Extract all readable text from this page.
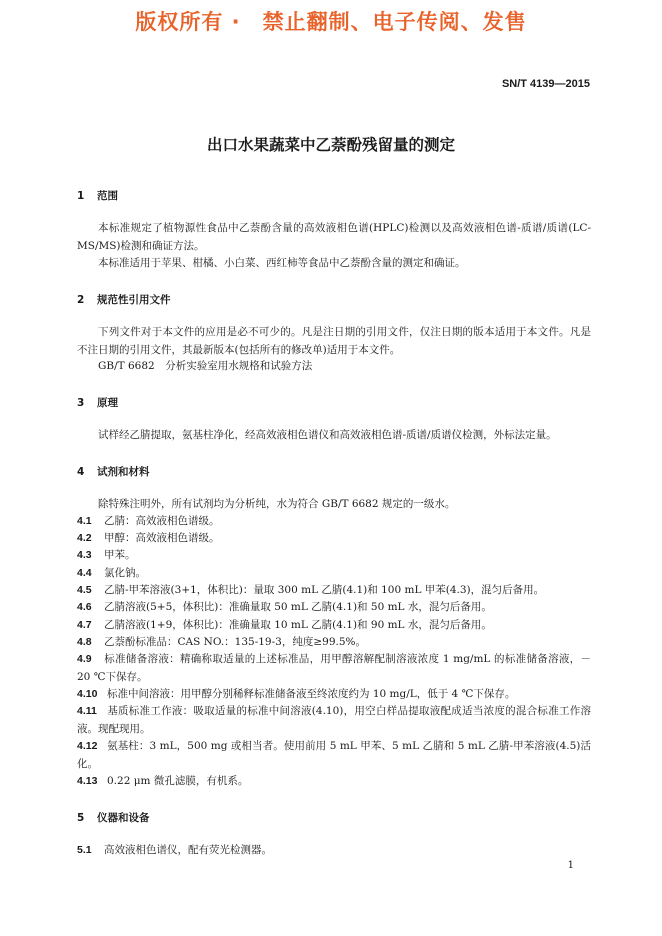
版权所有 ·　禁止翻制、电子传阅、发售
SN/T 4139—2015
出口水果蔬菜中乙萘酚残留量的测定
1 范围
本标准规定了植物源性食品中乙萘酚含量的高效液相色谱(HPLC)检测以及高效液相色谱-质谱/质谱(LC-MS/MS)检测和确证方法。
本标准适用于苹果、柑橘、小白菜、西红柿等食品中乙萘酚含量的测定和确证。
2 规范性引用文件
下列文件对于本文件的应用是必不可少的。凡是注日期的引用文件，仅注日期的版本适用于本文件。凡是不注日期的引用文件，其最新版本(包括所有的修改单)适用于本文件。
GB/T 6682　分析实验室用水规格和试验方法
3 原理
试样经乙腈提取，氨基柱净化，经高效液相色谱仪和高效液相色谱-质谱/质谱仪检测，外标法定量。
4 试剂和材料
除特殊注明外，所有试剂均为分析纯，水为符合 GB/T 6682 规定的一级水。
4.1 乙腈：高效液相色谱级。
4.2 甲醇：高效液相色谱级。
4.3 甲苯。
4.4 氯化钠。
4.5 乙腈-甲苯溶液(3+1，体积比)：量取 300 mL 乙腈(4.1)和 100 mL 甲苯(4.3)，混匀后备用。
4.6 乙腈溶液(5+5，体积比)：准确量取 50 mL 乙腈(4.1)和 50 mL 水，混匀后备用。
4.7 乙腈溶液(1+9，体积比)：准确量取 10 mL 乙腈(4.1)和 90 mL 水，混匀后备用。
4.8 乙萘酚标准品：CAS NO.：135-19-3，纯度≥99.5%。
4.9 标准储备溶液：精确称取适量的上述标准品，用甲醇溶解配制溶液浓度 1 mg/mL 的标准储备溶液，－20 ℃下保存。
4.10 标准中间溶液：用甲醇分别稀释标准储备液至终浓度约为 10 mg/L，低于 4 ℃下保存。
4.11 基质标准工作液：吸取适量的标准中间溶液(4.10)，用空白样品提取液配成适当浓度的混合标准工作溶液。现配现用。
4.12 氨基柱：3 mL，500 mg 或相当者。使用前用 5 mL 甲苯、5 mL 乙腈和 5 mL 乙腈-甲苯溶液(4.5)活化。
4.13 0.22 μm 微孔滤膜，有机系。
5 仪器和设备
5.1 高效液相色谱仪，配有荧光检测器。
1
